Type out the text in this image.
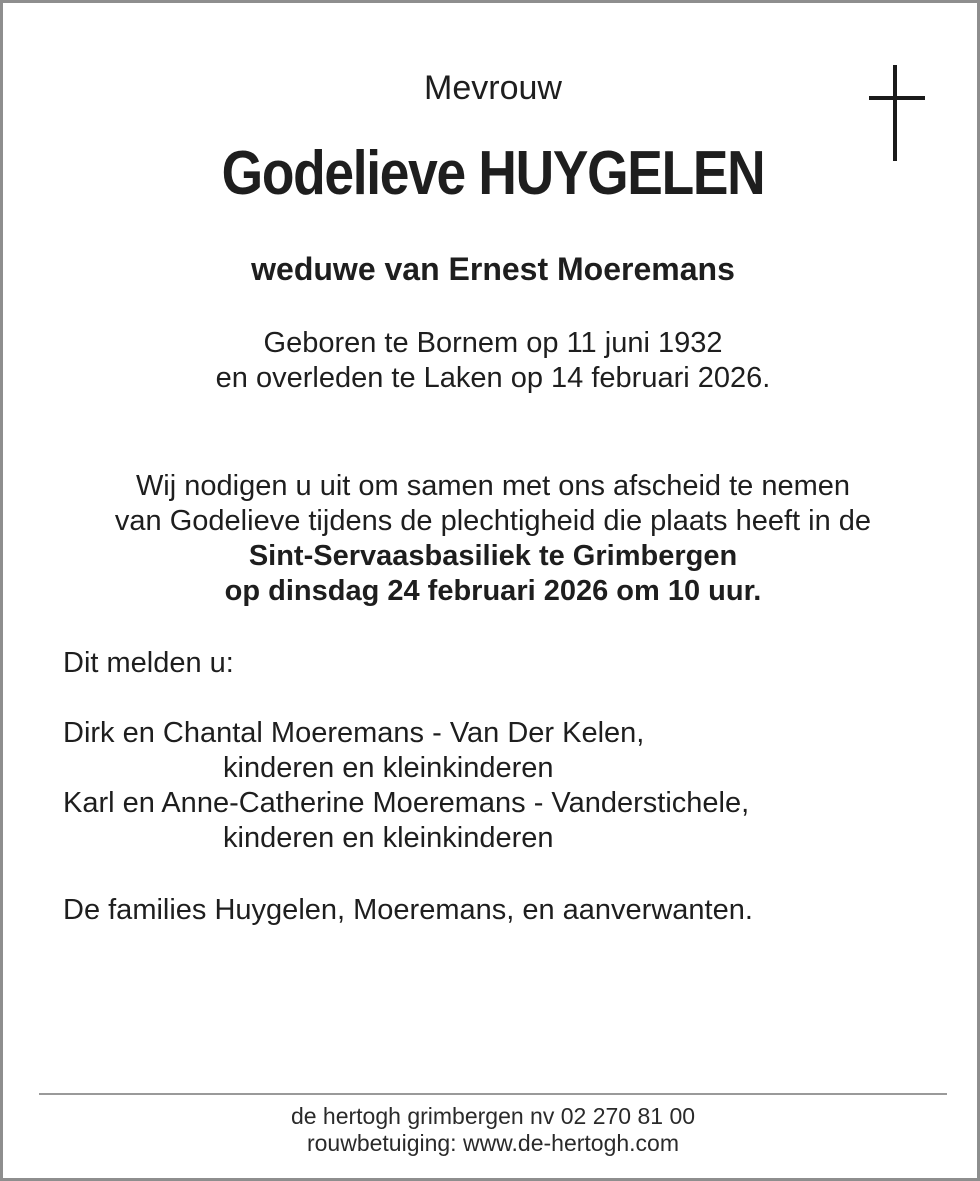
Mevrouw
Godelieve HUYGELEN
weduwe van Ernest Moeremans
Geboren te Bornem op 11 juni 1932
en overleden te Laken op 14 februari 2026.
Wij nodigen u uit om samen met ons afscheid te nemen
van Godelieve tijdens de plechtigheid die plaats heeft in de
Sint-Servaasbasiliek te Grimbergen
op dinsdag 24 februari 2026 om 10 uur.
Dit melden u:
Dirk en Chantal Moeremans - Van Der Kelen,
kinderen en kleinkinderen
Karl en Anne-Catherine Moeremans - Vanderstichele,
kinderen en kleinkinderen
De families Huygelen, Moeremans, en aanverwanten.
de hertogh grimbergen nv 02 270 81 00
rouwbetuiging: www.de-hertogh.com
